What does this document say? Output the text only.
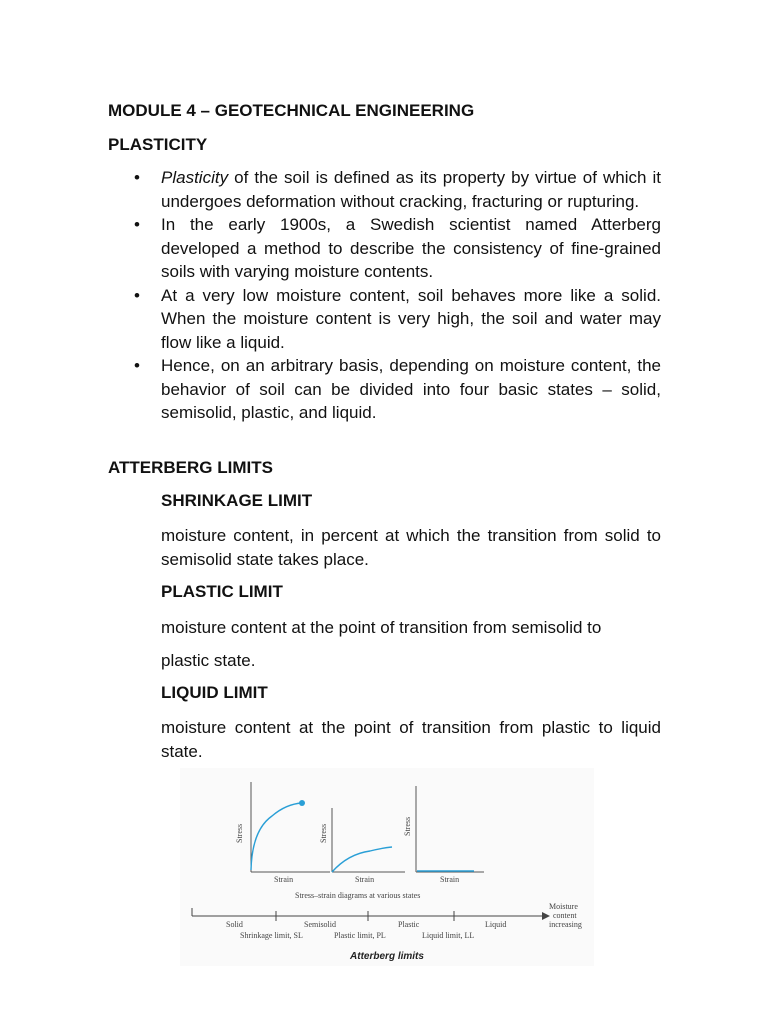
MODULE 4 – GEOTECHNICAL ENGINEERING
PLASTICITY
• Plasticity of the soil is defined as its property by virtue of which it undergoes deformation without cracking, fracturing or rupturing.
• In the early 1900s, a Swedish scientist named Atterberg developed a method to describe the consistency of fine-grained soils with varying moisture contents.
• At a very low moisture content, soil behaves more like a solid. When the moisture content is very high, the soil and water may flow like a liquid.
• Hence, on an arbitrary basis, depending on moisture content, the behavior of soil can be divided into four basic states – solid, semisolid, plastic, and liquid.
ATTERBERG LIMITS
SHRINKAGE LIMIT

moisture content, in percent at which the transition from solid to semisolid state takes place.

PLASTIC LIMIT

moisture content at the point of transition from semisolid to

plastic state.

LIQUID LIMIT

moisture content at the point of transition from plastic to liquid state.

Stress
Strain
Stress
Strain
Stress
Strain
Stress–strain diagrams at various states
Solid	Semisolid	Plastic	Liquid
Shrinkage limit, SL	Plastic limit, PL	Liquid limit, LL
Moisture
content
increasing
Atterberg limits
